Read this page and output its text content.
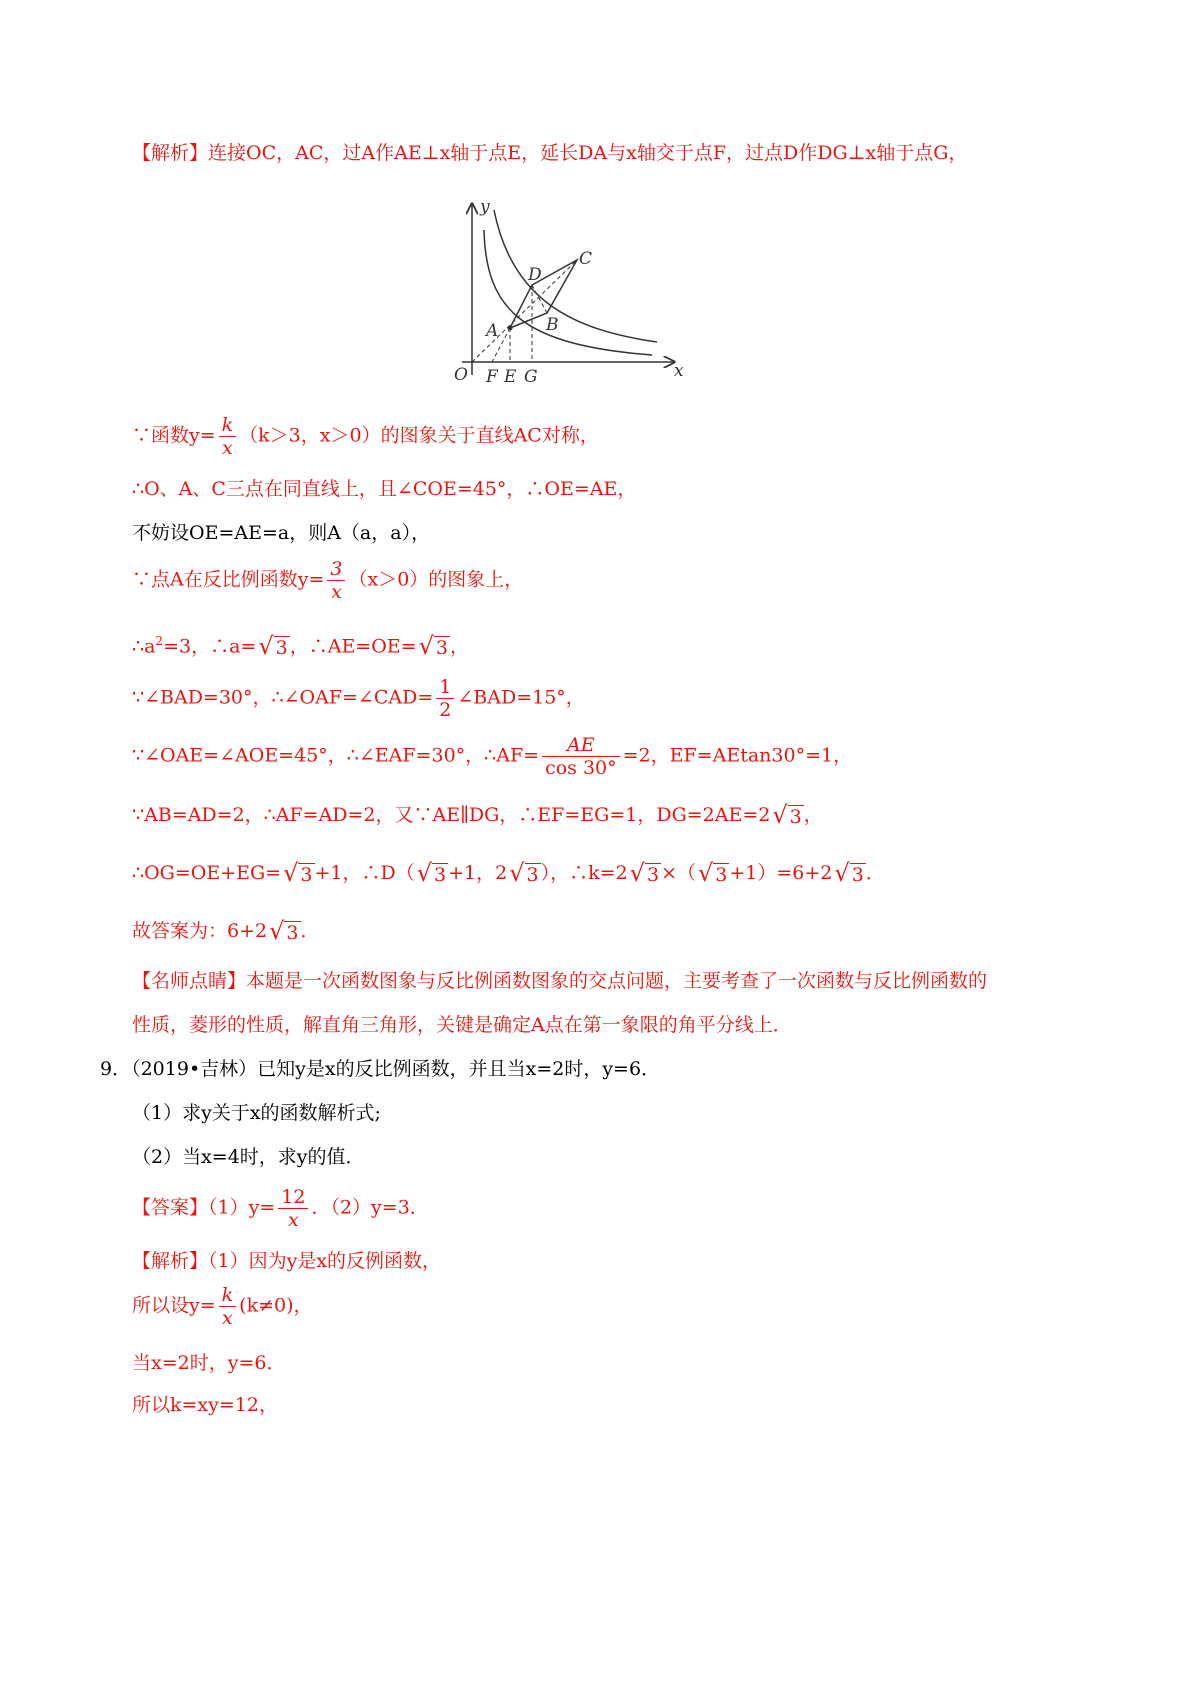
【解析】连接OC，AC，过A作AE⊥x轴于点E，延长DA与x轴交于点F，过点D作DG⊥x轴于点G，
y
x
O F E G
A	B
C
D
∵函数$y= \frac{k}{x} (k>3$，x＞0）的图象关于直线AC对称，
∴O、A、C三点在同直线上，且∠COE=45°，∴OE=AE，
不妨设OE=AE=a，则A（a，a），
∵点A在反比例函数$y= \frac{3}{x} (x>0)$的图象上，
$\therefore a^2=3$，∴a=√ 3 ，∴AE=OE=√ 3 ，
∵∠BAD=30°，∴∠OAF=∠CAD= $\frac{1}{2}$ ∠BAD=15°，
∵∠OAE=∠AOE=45°，∴∠EAF=30°，∴AF= $\frac{AE}{\cos 30^\circ} =2$，EF=AEtan30°=1，
∵AB=AD=2，∴AF=AD=2，又∵AE∥DG，∴EF=EG=1，DG=2AE=2√ 3 ，
∴OG=OE+EG=√ 3 +1，∴D（√ 3 +1，2√ 3 ），∴k=2√ 3 ×（√ 3 +1）=6+2√ 3 ．
故答案为：6+2√ 3 ．
【名师点睛】本题是一次函数图象与反比例函数图象的交点问题，主要考查了一次函数与反比例函数的
性质，菱形的性质，解直角三角形，关键是确定A点在第一象限的角平分线上．
9．（2019•吉林）已知y是x的反比例函数，并且当x=2时，y=6．
（1）求y关于x的函数解析式;
（2）当x=4时，求y的值．
【答案】$(1)y= \frac{12}{x}$ ．（2）y=3．
【解析】（1）因为y是x的反例函数，
所以设$y= \frac{k}{x} (k\ne 0)$，
当x=2时，y=6．
所以k=xy=12，
